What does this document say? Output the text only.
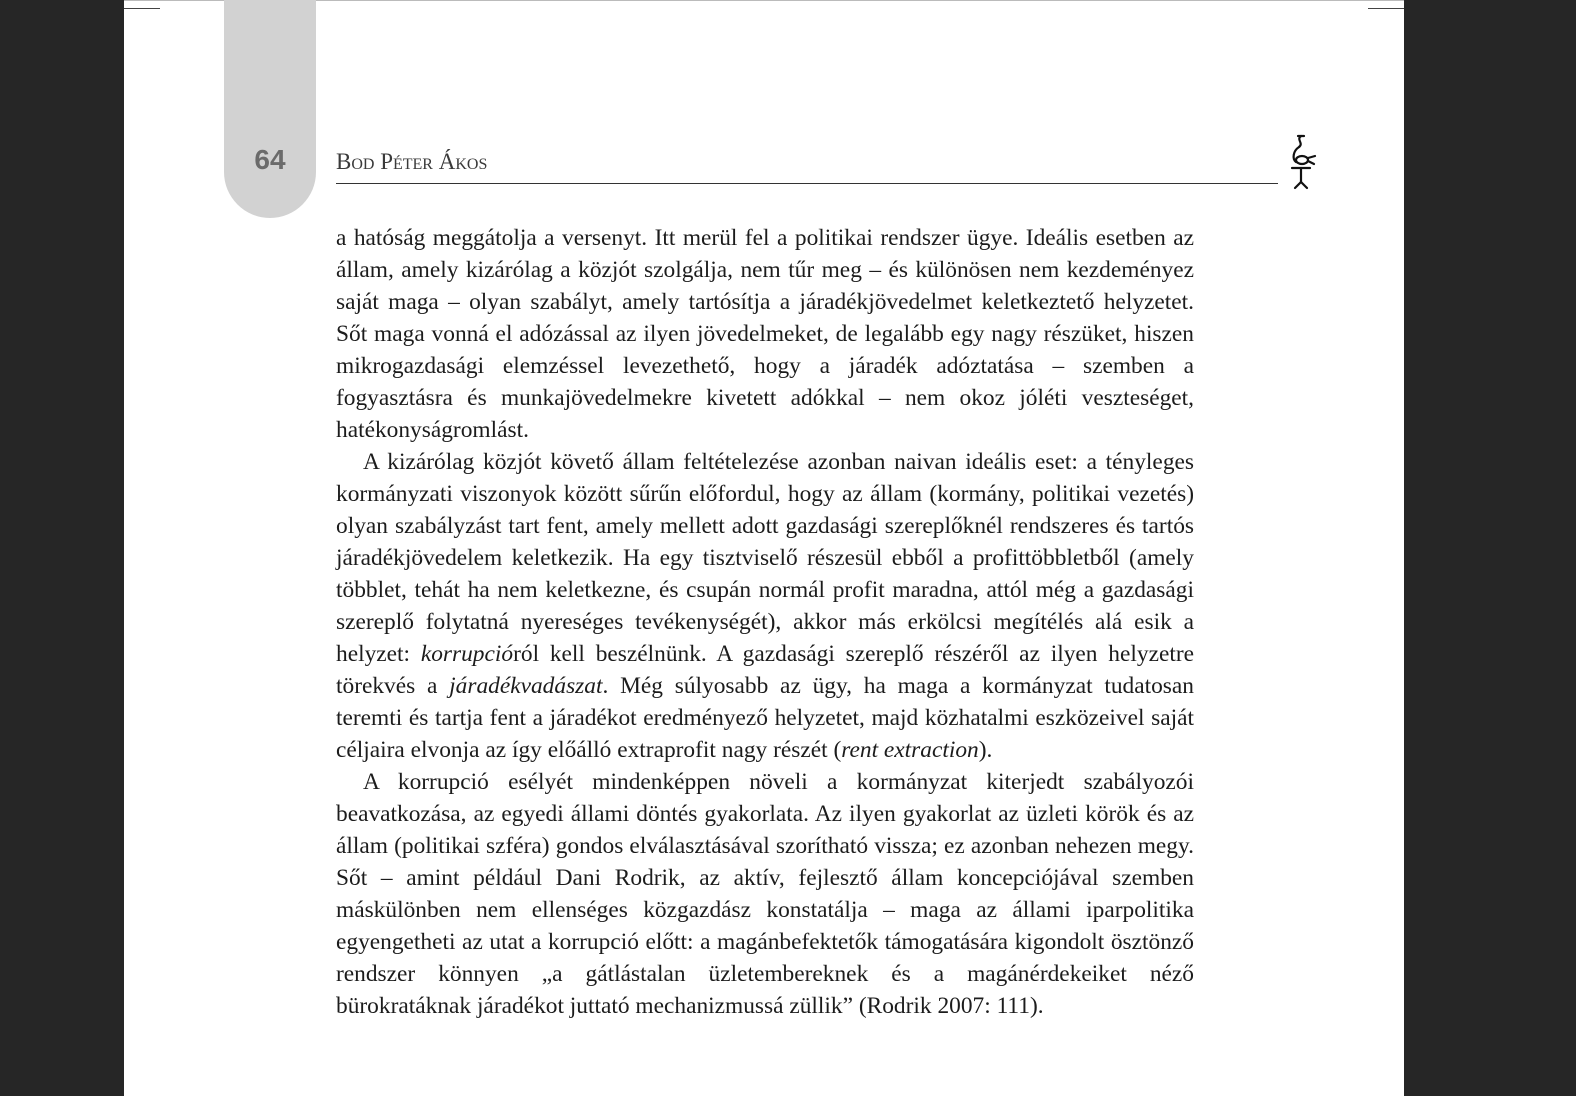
64	Bod Péter Ákos

a hatóság meggátolja a versenyt. Itt merül fel a politikai rendszer ügye. Ideális esetben az állam, amely kizárólag a közjót szolgálja, nem tűr meg – és különösen nem kezdeményez saját maga – olyan szabályt, amely tartósítja a járadékjövedelmet keletkeztető helyzetet. Sőt maga vonná el adózással az ilyen jövedelmeket, de legalább egy nagy részüket, hiszen mikrogazdasági elemzéssel levezethető, hogy a járadék adóztatása – szemben a fogyasztásra és munkajövedelmekre kivetett adókkal – nem okoz jóléti veszteséget, hatékonyságromlást.

A kizárólag közjót követő állam feltételezése azonban naivan ideális eset: a tényleges kormányzati viszonyok között sűrűn előfordul, hogy az állam (kormány, politikai vezetés) olyan szabályzást tart fent, amely mellett adott gazdasági szereplőknél rendszeres és tartós járadékjövedelem keletkezik. Ha egy tisztviselő részesül ebből a profittöbbletből (amely többlet, tehát ha nem keletkezne, és csupán normál profit maradna, attól még a gazdasági szereplő folytatná nyereséges tevékenységét), akkor más erkölcsi megítélés alá esik a helyzet: korrupcióról kell beszélnünk. A gazdasági szereplő részéről az ilyen helyzetre törekvés a járadékvadászat. Még súlyosabb az ügy, ha maga a kormányzat tudatosan teremti és tartja fent a járadékot eredményező helyzetet, majd közhatalmi eszközeivel saját céljaira elvonja az így előálló extraprofit nagy részét (rent extraction).

A korrupció esélyét mindenképpen növeli a kormányzat kiterjedt szabályozói beavatkozása, az egyedi állami döntés gyakorlata. Az ilyen gyakorlat az üzleti körök és az állam (politikai szféra) gondos elválasztásával szorítható vissza; ez azonban nehezen megy. Sőt – amint például Dani Rodrik, az aktív, fejlesztő állam koncepciójával szemben máskülönben nem ellenséges közgazdász konstatálja – maga az állami iparpolitika egyengetheti az utat a korrupció előtt: a magánbefektetők támogatására kigondolt ösztönző rendszer könnyen „a gátlástalan üzletembereknek és a magánérdekeiket néző bürokratáknak járadékot juttató mechanizmussá züllik” (Rodrik 2007: 111).
